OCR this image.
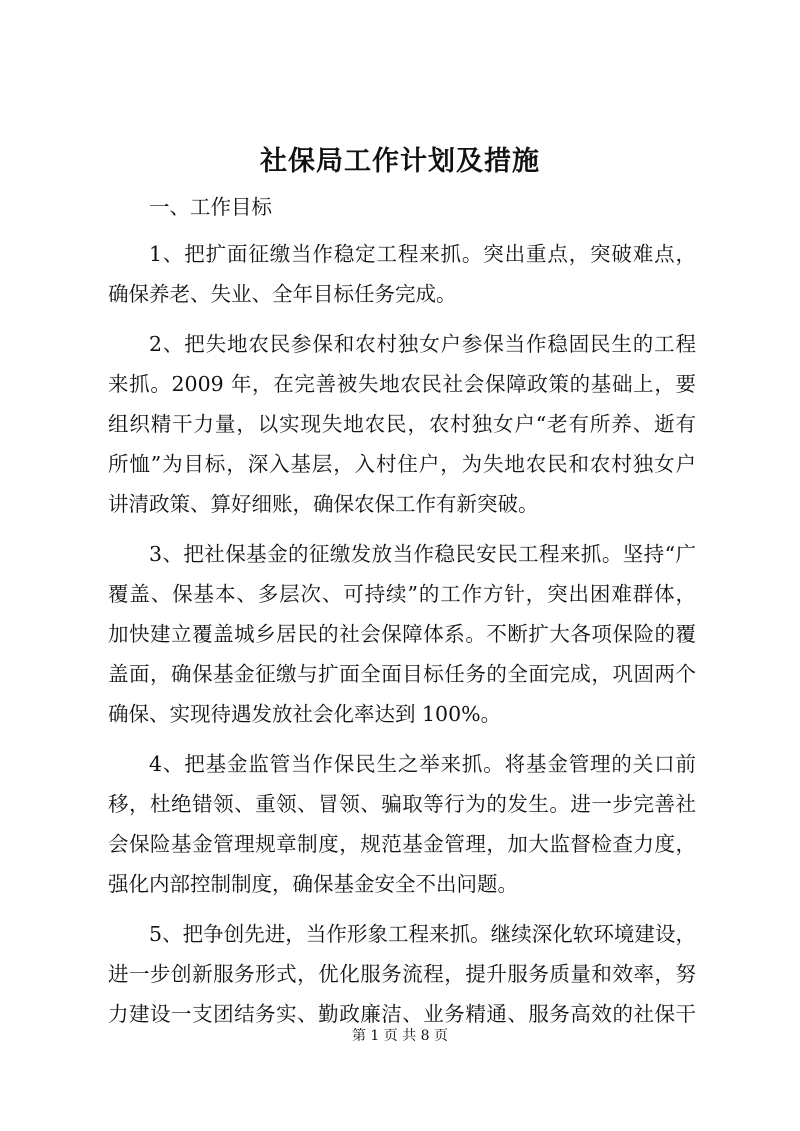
社保局工作计划及措施
一、工作目标
1、把扩面征缴当作稳定工程来抓。突出重点，突破难点，
确保养老、失业、全年目标任务完成。
2、把失地农民参保和农村独女户参保当作稳固民生的工程
来抓。2009 年，在完善被失地农民社会保障政策的基础上，要
组织精干力量，以实现失地农民，农村独女户“老有所养、逝有
所恤”为目标，深入基层，入村住户，为失地农民和农村独女户
讲清政策、算好细账，确保农保工作有新突破。
3、把社保基金的征缴发放当作稳民安民工程来抓。坚持“广
覆盖、保基本、多层次、可持续”的工作方针，突出困难群体，
加快建立覆盖城乡居民的社会保障体系。不断扩大各项保险的覆
盖面，确保基金征缴与扩面全面目标任务的全面完成，巩固两个
确保、实现待遇发放社会化率达到 100%。
4、把基金监管当作保民生之举来抓。将基金管理的关口前
移，杜绝错领、重领、冒领、骗取等行为的发生。进一步完善社
会保险基金管理规章制度，规范基金管理，加大监督检查力度，
强化内部控制制度，确保基金安全不出问题。
5、把争创先进，当作形象工程来抓。继续深化软环境建设，
进一步创新服务形式，优化服务流程，提升服务质量和效率，努
力建设一支团结务实、勤政廉洁、业务精通、服务高效的社保干
第 1 页 共 8 页
